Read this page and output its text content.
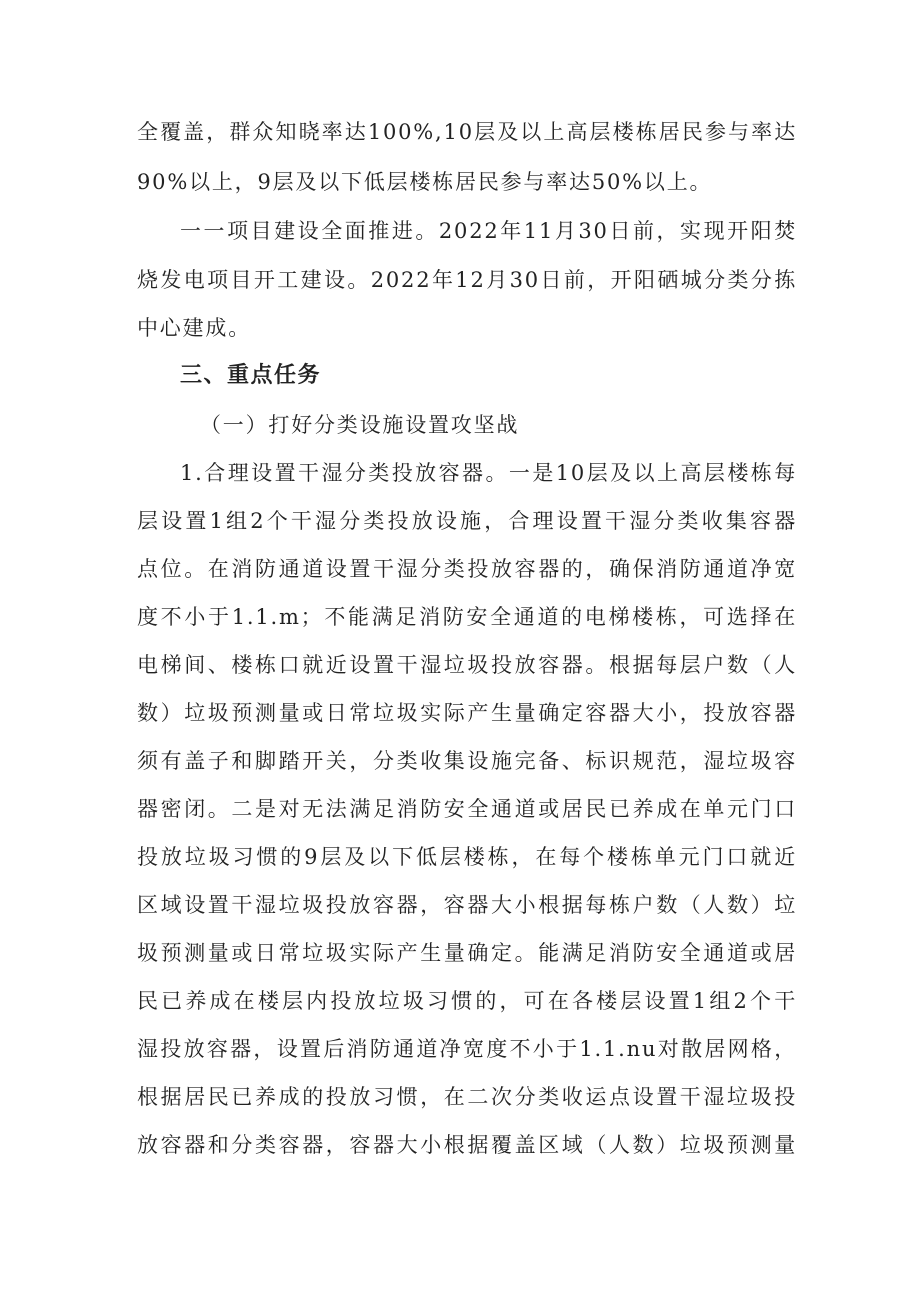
全覆盖，群众知晓率达100%,10层及以上高层楼栋居民参与率达
90%以上，9层及以下低层楼栋居民参与率达50%以上。
一一项目建设全面推进。2022年11月30日前，实现开阳焚
烧发电项目开工建设。2022年12月30日前，开阳硒城分类分拣
中心建成。
三、重点任务
（一）打好分类设施设置攻坚战
1.合理设置干湿分类投放容器。一是10层及以上高层楼栋每
层设置1组2个干湿分类投放设施，合理设置干湿分类收集容器
点位。在消防通道设置干湿分类投放容器的，确保消防通道净宽
度不小于1.1.m；不能满足消防安全通道的电梯楼栋，可选择在
电梯间、楼栋口就近设置干湿垃圾投放容器。根据每层户数（人
数）垃圾预测量或日常垃圾实际产生量确定容器大小，投放容器
须有盖子和脚踏开关，分类收集设施完备、标识规范，湿垃圾容
器密闭。二是对无法满足消防安全通道或居民已养成在单元门口
投放垃圾习惯的9层及以下低层楼栋，在每个楼栋单元门口就近
区域设置干湿垃圾投放容器，容器大小根据每栋户数（人数）垃
圾预测量或日常垃圾实际产生量确定。能满足消防安全通道或居
民已养成在楼层内投放垃圾习惯的，可在各楼层设置1组2个干
湿投放容器，设置后消防通道净宽度不小于1.1.nu对散居网格，
根据居民已养成的投放习惯，在二次分类收运点设置干湿垃圾投
放容器和分类容器，容器大小根据覆盖区域（人数）垃圾预测量
